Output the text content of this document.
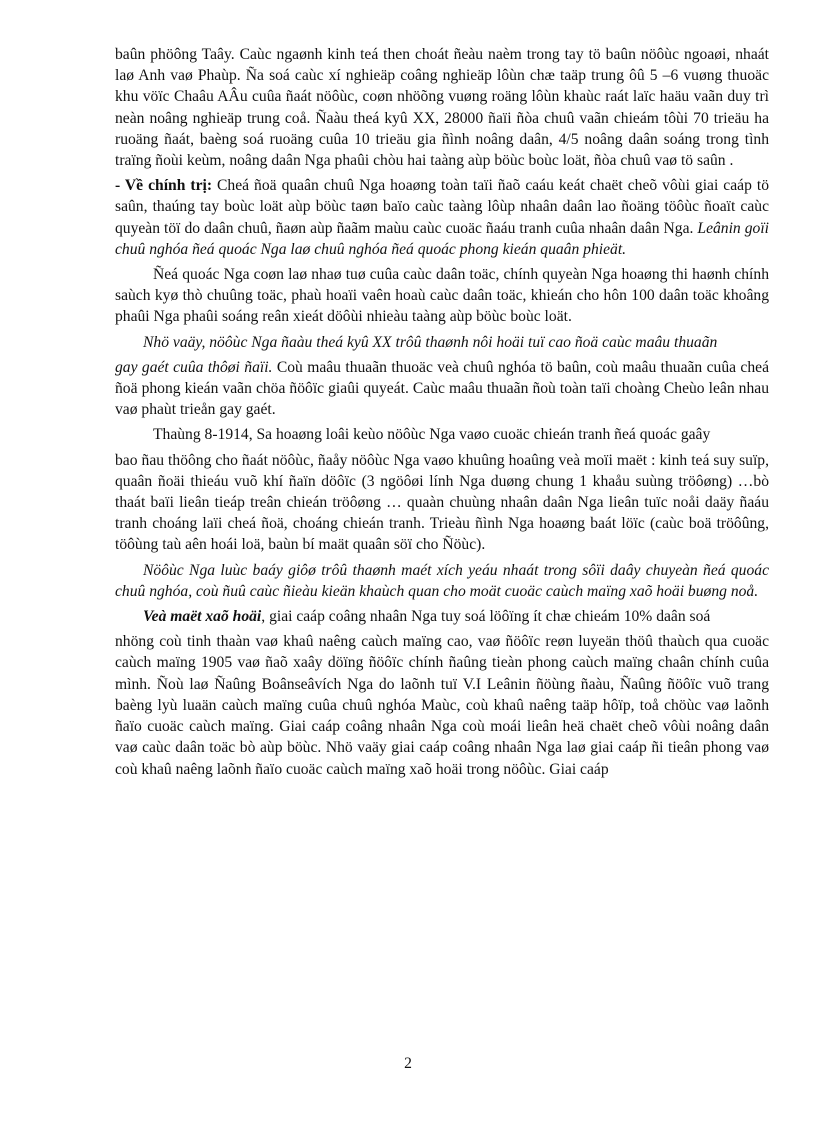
baûn phöông Taây. Caùc ngaønh kinh teá then choát ñeàu naèm trong tay tö baûn nöôùc ngoaøi, nhaát laø Anh vaø Phaùp. Ña soá caùc xí nghieäp coâng nghieäp lôùn chæ taäp trung ôû 5 –6 vuøng thuoäc khu vöïc Chaâu AÂu cuûa ñaát nöôùc, coøn nhöõng vuøng roäng lôùn khaùc raát laïc haäu vaãn duy trì neàn noâng nghieäp trung coå. Ñaàu theá kyû XX, 28000 ñaïi ñòa chuû vaãn chieám tôùi 70 trieäu ha ruoäng ñaát, baèng soá ruoäng cuûa 10 trieäu gia ñình noâng daân, 4/5 noâng daân soáng trong tình traïng ñoùi keùm, noâng daân Nga phaûi chòu hai taàng aùp böùc boùc loät, ñòa chuû vaø tö saûn .

- Về chính trị: Cheá ñoä quaân chuû Nga hoaøng toàn taïi ñaõ caáu keát chaët cheõ vôùi giai caáp tö saûn, thaúng tay boùc loät aùp böùc taøn baïo caùc taàng lôùp nhaân daân lao ñoäng töôùc ñoaït caùc quyeàn töï do daân chuû, ñaøn aùp ñaãm maùu caùc cuoäc ñaáu tranh cuûa nhaân daân Nga. Leânin goïi chuû nghóa ñeá quoác Nga laø chuû nghóa ñeá quoác phong kieán quaân phieät.

Ñeá quoác Nga coøn laø nhaø tuø cuûa caùc daân toäc, chính quyeàn Nga hoaøng thi haønh chính saùch kyø thò chuûng toäc, phaù hoaïi vaên hoaù caùc daân toäc, khieán cho hôn 100 daân toäc khoâng phaûi Nga phaûi soáng reân xieát döôùi nhieàu taàng aùp böùc boùc loät.

Nhö vaäy, nöôùc Nga ñaàu theá kyû XX trôû thaønh nôi hoäi tuï cao ñoä caùc maâu thuaãn

gay gaét cuûa thôøi ñaïi. Coù maâu thuaãn thuoäc veà chuû nghóa tö baûn, coù maâu thuaãn cuûa cheá ñoä phong kieán vaãn chöa ñöôïc giaûi quyeát. Caùc maâu thuaãn ñoù toàn taïi choàng Cheùo leân nhau vaø phaùt trieån gay gaét.

Thaùng 8-1914, Sa hoaøng loâi keùo nöôùc Nga vaøo cuoäc chieán tranh ñeá quoác gaây

bao ñau thöông cho ñaát nöôùc, ñaåy nöôùc Nga vaøo khuûng hoaûng veà moïi maët : kinh teá suy suïp, quaân ñoäi thieáu vuõ khí ñaïn döôïc (3 ngöôøi lính Nga duøng chung 1 khaåu suùng tröôøng) …bò thaát baïi lieân tieáp treân chieán tröôøng … quaàn chuùng nhaân daân Nga lieân tuïc noåi daäy ñaáu tranh choáng laïi cheá ñoä, choáng chieán tranh. Trieàu ñình Nga hoaøng baát löïc (caùc boä tröôûng, töôùng taù aên hoái loä, baùn bí maät quaân söï cho Ñöùc).

Nöôùc Nga luùc baáy giôø trôû thaønh maét xích yeáu nhaát trong sôïi daây chuyeàn ñeá quoác chuû nghóa, coù ñuû caùc ñieàu kieän khaùch quan cho moät cuoäc caùch maïng xaõ hoäi buøng noå.

Veà maët xaõ hoäi, giai caáp coâng nhaân Nga tuy soá löôïng ít chæ chieám 10% daân soá

nhöng coù tinh thaàn vaø khaû naêng caùch maïng cao, vaø ñöôïc reøn luyeän thöû thaùch qua cuoäc caùch maïng 1905 vaø ñaõ xaây döïng ñöôïc chính ñaûng tieàn phong caùch maïng chaân chính cuûa mình. Ñoù laø Ñaûng Boânseâvích Nga do laõnh tuï V.I Leânin ñöùng ñaàu, Ñaûng ñöôïc vuõ trang baèng lyù luaän caùch maïng cuûa chuû nghóa Maùc, coù khaû naêng taäp hôïp, toå chöùc vaø laõnh ñaïo cuoäc caùch maïng. Giai caáp coâng nhaân Nga coù moái lieân heä chaët cheõ vôùi noâng daân vaø caùc daân toäc bò aùp böùc. Nhö vaäy giai caáp coâng nhaân Nga laø giai caáp ñi tieân phong vaø coù khaû naêng laõnh ñaïo cuoäc caùch maïng xaõ hoäi trong nöôùc. Giai caáp

2
